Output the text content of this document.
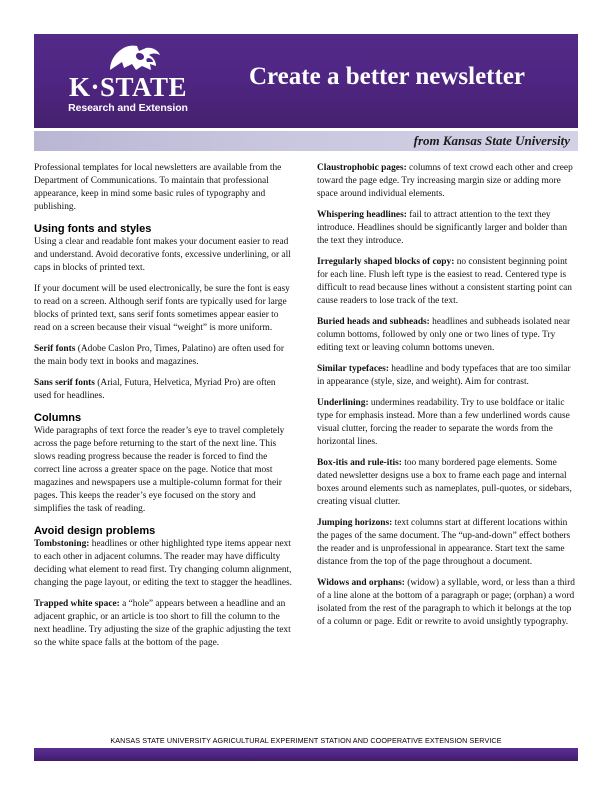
K·STATE
Research and Extension
Create a better newsletter
from Kansas State University

Professional templates for local newsletters are available from the Department of Communications. To maintain that professional appearance, keep in mind some basic rules of typography and publishing.

Using fonts and styles

Using a clear and readable font makes your document easier to read and understand. Avoid decorative fonts, excessive underlining, or all caps in blocks of printed text.

If your document will be used electronically, be sure the font is easy to read on a screen. Although serif fonts are typically used for large blocks of printed text, sans serif fonts sometimes appear easier to read on a screen because their visual “weight” is more uniform.

Serif fonts (Adobe Caslon Pro, Times, Palatino) are often used for the main body text in books and magazines.

Sans serif fonts (Arial, Futura, Helvetica, Myriad Pro) are often used for headlines.

Columns

Wide paragraphs of text force the reader’s eye to travel completely across the page before returning to the start of the next line. This slows reading progress because the reader is forced to find the correct line across a greater space on the page. Notice that most magazines and newspapers use a multiple-column format for their pages. This keeps the reader’s eye focused on the story and simplifies the task of reading.

Avoid design problems

Tombstoning: headlines or other highlighted type items appear next to each other in adjacent columns. The reader may have difficulty deciding what element to read first. Try changing column alignment, changing the page layout, or editing the text to stagger the headlines.

Trapped white space: a “hole” appears between a headline and an adjacent graphic, or an article is too short to fill the column to the next headline. Try adjusting the size of the graphic adjusting the text so the white space falls at the bottom of the page.

Claustrophobic pages: columns of text crowd each other and creep toward the page edge. Try increasing margin size or adding more space around individual elements.

Whispering headlines: fail to attract attention to the text they introduce. Headlines should be significantly larger and bolder than the text they introduce.

Irregularly shaped blocks of copy: no consistent beginning point for each line. Flush left type is the easiest to read. Centered type is difficult to read because lines without a consistent starting point can cause readers to lose track of the text.

Buried heads and subheads: headlines and subheads isolated near column bottoms, followed by only one or two lines of type. Try editing text or leaving column bottoms uneven.

Similar typefaces: headline and body typefaces that are too similar in appearance (style, size, and weight). Aim for contrast.

Underlining: undermines readability. Try to use boldface or italic type for emphasis instead. More than a few underlined words cause visual clutter, forcing the reader to separate the words from the horizontal lines.

Box-itis and rule-itis: too many bordered page elements. Some dated newsletter designs use a box to frame each page and internal boxes around elements such as nameplates, pull-quotes, or sidebars, creating visual clutter.

Jumping horizons: text columns start at different locations within the pages of the same document. The “up-and-down” effect bothers the reader and is unprofessional in appearance. Start text the same distance from the top of the page throughout a document.

Widows and orphans: (widow) a syllable, word, or less than a third of a line alone at the bottom of a paragraph or page; (orphan) a word isolated from the rest of the paragraph to which it belongs at the top of a column or page. Edit or rewrite to avoid unsightly typography.

KANSAS STATE UNIVERSITY AGRICULTURAL EXPERIMENT STATION AND COOPERATIVE EXTENSION SERVICE
